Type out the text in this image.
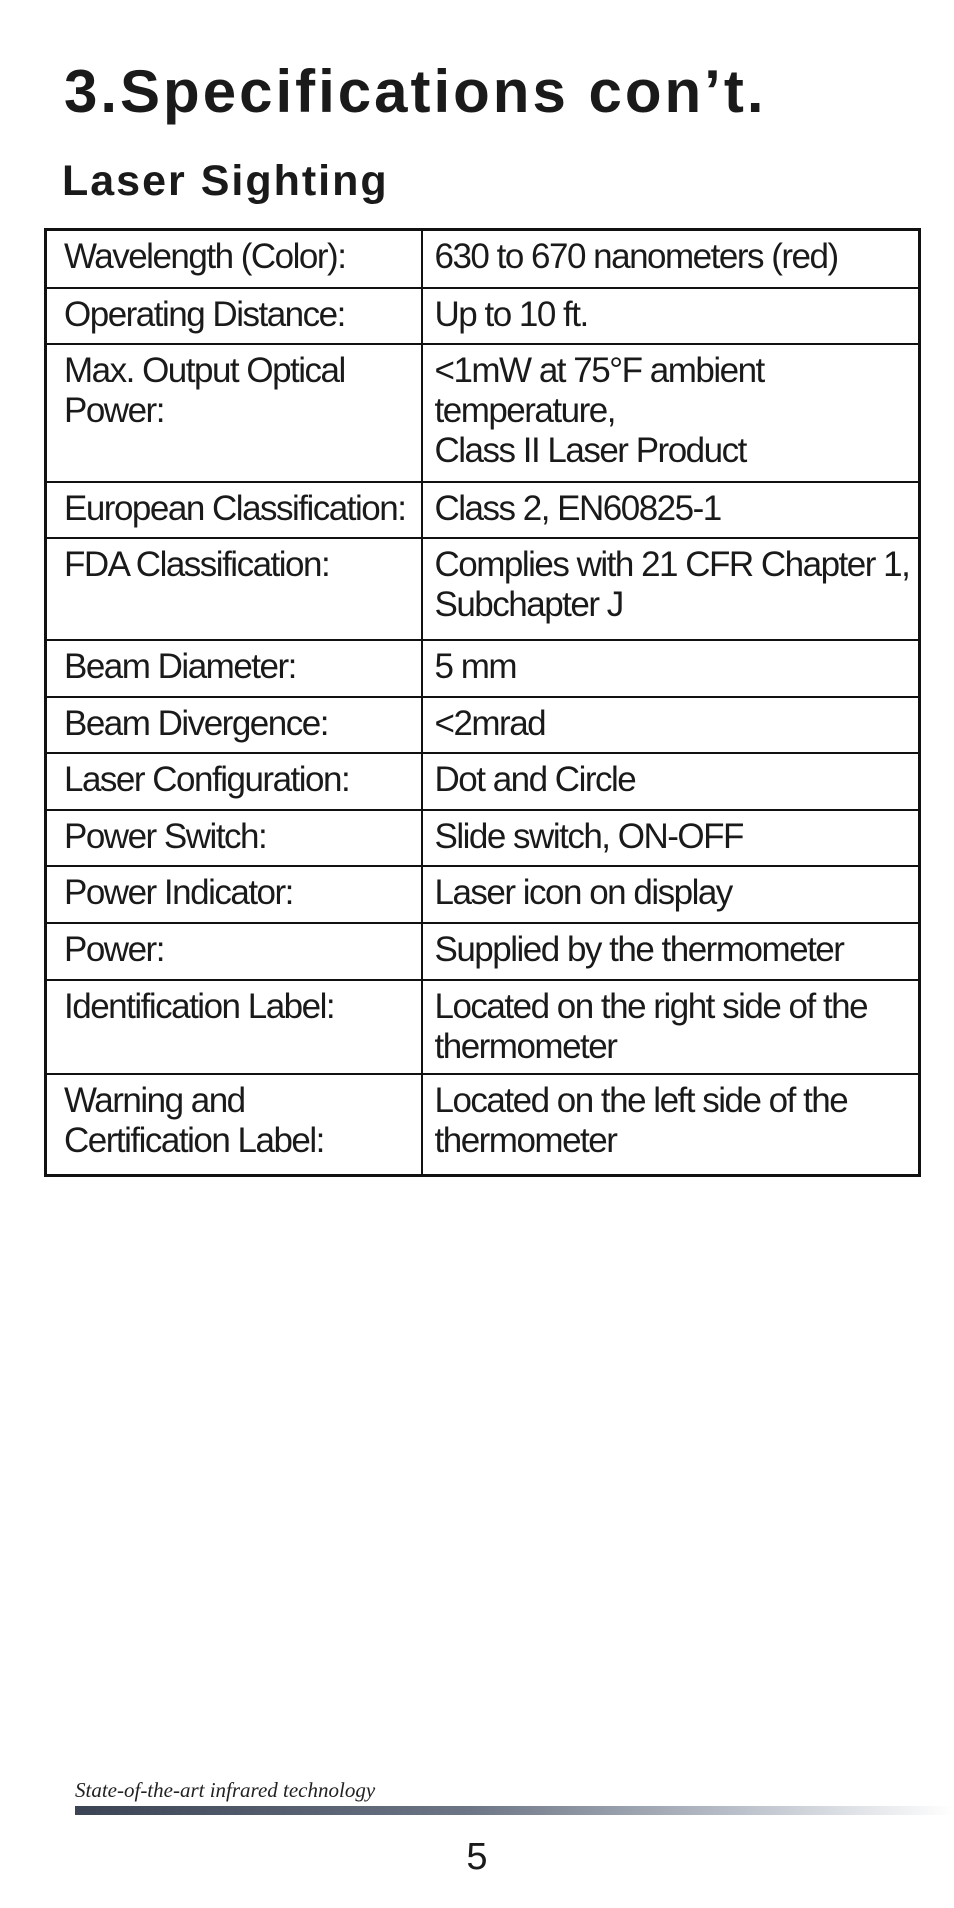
3.Specifications con’t.
Laser Sighting
Wavelength (Color):	630 to 670 nanometers (red)
Operating Distance:	Up to 10 ft.
Max. Output Optical Power:	<1mW at 75°F ambient temperature,
Class II Laser Product

European Classification:	Class 2, EN60825-1
FDA Classification:	Complies with 21 CFR Chapter 1,
Subchapter J

Beam Diameter:	5 mm
Beam Divergence:	<2mrad
Laser Configuration:	Dot and Circle
Power Switch:	Slide switch, ON-OFF
Power Indicator:	Laser icon on display
Power:	Supplied by the thermometer
Identification Label:	Located on the right side of the thermometer
Warning and Certification Label:	Located on the left side of the thermometer
State-of-the-art infrared technology
5
